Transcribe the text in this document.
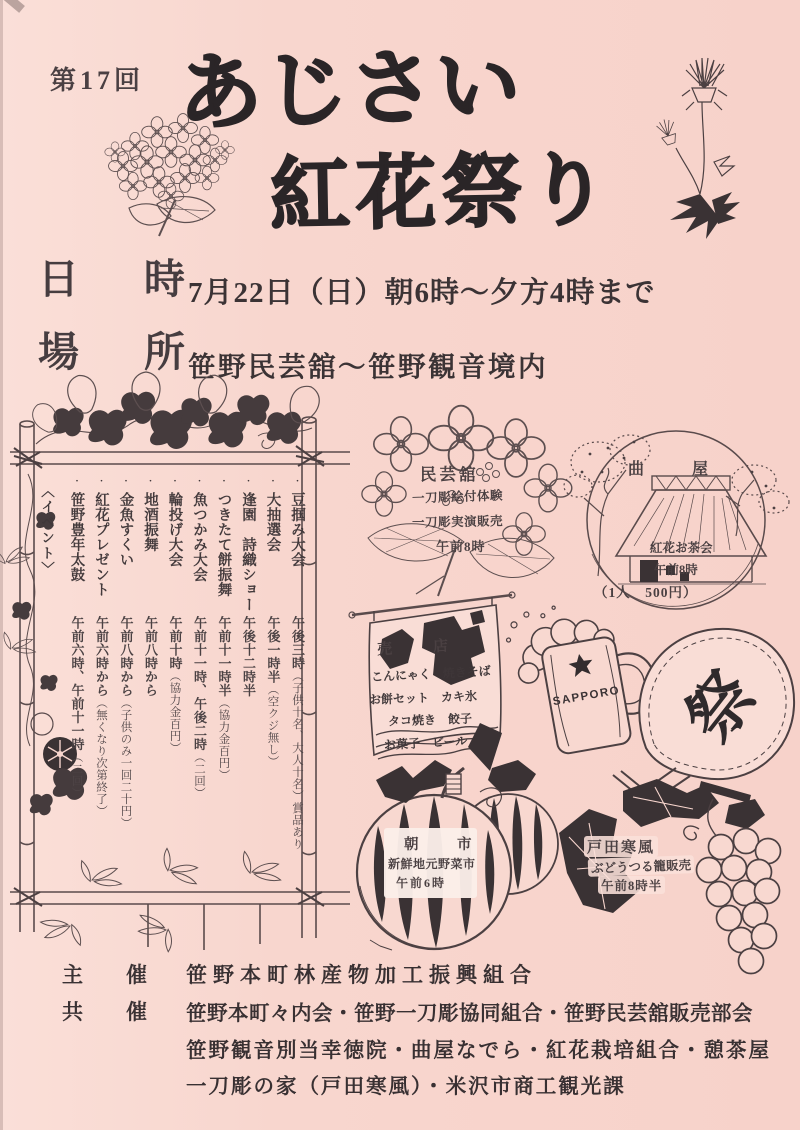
第17回 あじさい
紅花祭り
日　時
7月22日（日）朝6時～夕方4時まで
場　所
笹野民芸舘～笹野観音境内
〈イベント〉
・豆掴み大会午後三時（子供十名、大人十名）賞品あり
・大抽選会午後一時半（空クジ無し）
・逢園　詩織ショー午後十二時半
・つきたて餅振舞午前十一時半（協力金百円）
・魚つかみ大会午前十一時、午後二時（二回）
・輪投げ大会午前十時（協力金百円）
・地酒振舞午前八時から
・金魚すくい午前八時から（子供のみ一回二十円）
・紅花プレゼント午前六時から（無くなり次第終了）
・笹野豊年太鼓午前六時、午前十一時（二回）
民芸舘
一刀彫絵付体験
一刀彫実演販売
午前8時
曲　屋
紅花お茶会
午前8時
（1人　500円）
売　店
こんにゃく　焼きそば
お餅セット　カキ氷
タコ焼き　餃子
お菓子　ビール
SAPPORO 祭
朝　市
新鮮地元野菜市
午前6時
戸田寒風
ぶどうつる籠販売
午前8時半
主　催 笹野本町林産物加工振興組合
共　催 笹野本町々内会・笹野一刀彫協同組合・笹野民芸舘販売部会
笹野観音別当幸徳院・曲屋なでら・紅花栽培組合・憩茶屋
一刀彫の家（戸田寒風）・米沢市商工観光課
